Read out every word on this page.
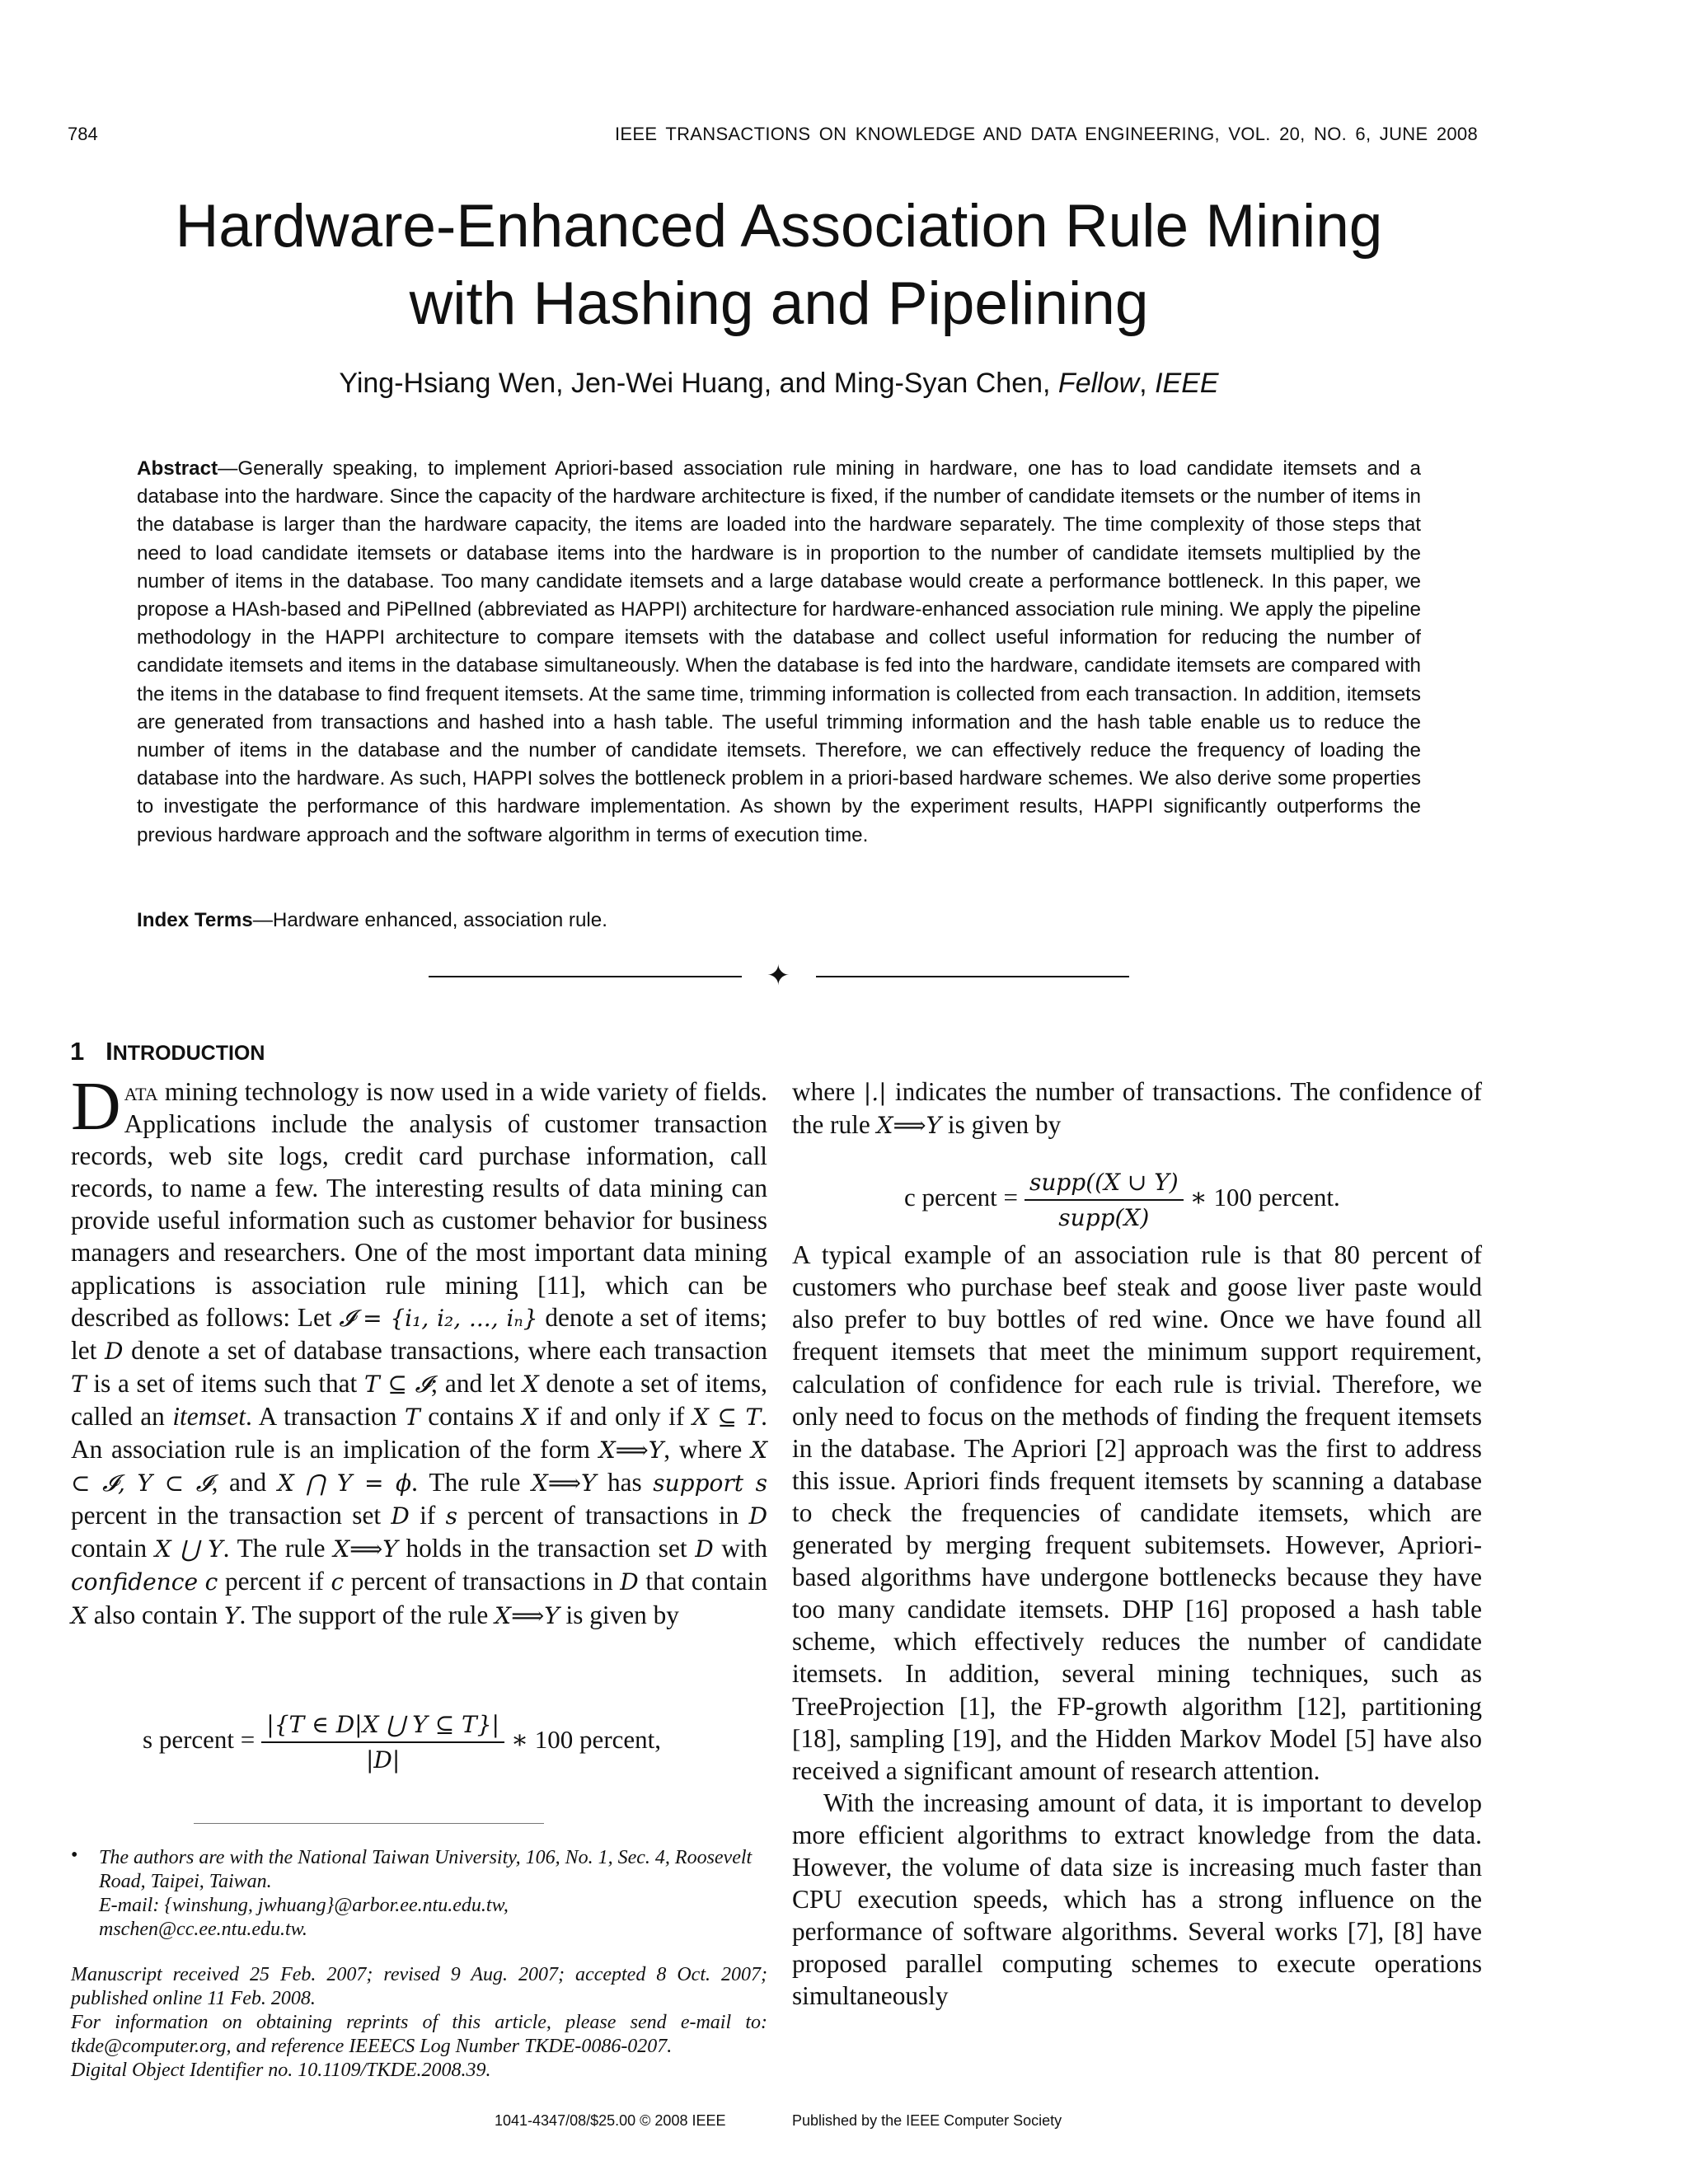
784	IEEE TRANSACTIONS ON KNOWLEDGE AND DATA ENGINEERING, VOL. 20, NO. 6, JUNE 2008
Hardware-Enhanced Association Rule Mining
with Hashing and Pipelining
Ying-Hsiang Wen, Jen-Wei Huang, and Ming-Syan Chen, Fellow, IEEE
Abstract—Generally speaking, to implement Apriori-based association rule mining in hardware, one has to load candidate itemsets and a database into the hardware. Since the capacity of the hardware architecture is fixed, if the number of candidate itemsets or the number of items in the database is larger than the hardware capacity, the items are loaded into the hardware separately. The time complexity of those steps that need to load candidate itemsets or database items into the hardware is in proportion to the number of candidate itemsets multiplied by the number of items in the database. Too many candidate itemsets and a large database would create a performance bottleneck. In this paper, we propose a HAsh-based and PiPelIned (abbreviated as HAPPI) architecture for hardware-enhanced association rule mining. We apply the pipeline methodology in the HAPPI architecture to compare itemsets with the database and collect useful information for reducing the number of candidate itemsets and items in the database simultaneously. When the database is fed into the hardware, candidate itemsets are compared with the items in the database to find frequent itemsets. At the same time, trimming information is collected from each transaction. In addition, itemsets are generated from transactions and hashed into a hash table. The useful trimming information and the hash table enable us to reduce the number of items in the database and the number of candidate itemsets. Therefore, we can effectively reduce the frequency of loading the database into the hardware. As such, HAPPI solves the bottleneck problem in a priori-based hardware schemes. We also derive some properties to investigate the performance of this hardware implementation. As shown by the experiment results, HAPPI significantly outperforms the previous hardware approach and the software algorithm in terms of execution time.
Index Terms—Hardware enhanced, association rule.
✦
1 INTRODUCTION

Data mining technology is now used in a wide variety of fields. Applications include the analysis of customer transaction records, web site logs, credit card purchase information, call records, to name a few. The interesting results of data mining can provide useful information such as customer behavior for business managers and researchers. One of the most important data mining applications is association rule mining [11], which can be described as follows: Let 𝓘 = {i₁, i₂, ..., iₙ} denote a set of items; let D denote a set of database transactions, where each transaction T is a set of items such that T ⊆ 𝓘; and let X denote a set of items, called an itemset. A transaction T contains X if and only if X ⊆ T. An association rule is an implication of the form X⟹Y, where X ⊂ 𝓘, Y ⊂ 𝓘, and X ⋂ Y = ϕ. The rule X⟹Y has support s percent in the transaction set D if s percent of transactions in D contain X ⋃ Y. The rule X⟹Y holds in the transaction set D with confidence c percent if c percent of transactions in D that contain X also contain Y. The support of the rule X⟹Y is given by

s percent = $\frac{|\{T \in D|X ⋃ Y ⊆ T\}|}{|D|}$ ∗ 100 percent,
• The authors are with the National Taiwan University, 106, No. 1, Sec. 4, Roosevelt Road, Taipei, Taiwan.
E-mail: {winshung, jwhuang}@arbor.ee.ntu.edu.tw,
mschen@cc.ee.ntu.edu.tw.
Manuscript received 25 Feb. 2007; revised 9 Aug. 2007; accepted 8 Oct. 2007; published online 11 Feb. 2008.
For information on obtaining reprints of this article, please send e-mail to: tkde@computer.org, and reference IEEECS Log Number TKDE-0086-0207.
Digital Object Identifier no. 10.1109/TKDE.2008.39.

where |.| indicates the number of transactions. The confidence of the rule X⟹Y is given by

A typical example of an association rule is that 80 percent of customers who purchase beef steak and goose liver paste would also prefer to buy bottles of red wine. Once we have found all frequent itemsets that meet the minimum support requirement, calculation of confidence for each rule is trivial. Therefore, we only need to focus on the methods of finding the frequent itemsets in the database. The Apriori [2] approach was the first to address this issue. Apriori finds frequent itemsets by scanning a database to check the frequencies of candidate itemsets, which are generated by merging frequent subitemsets. However, Apriori-based algorithms have undergone bottlenecks because they have too many candidate itemsets. DHP [16] proposed a hash table scheme, which effectively reduces the number of candidate itemsets. In addition, several mining techniques, such as TreeProjection [1], the FP-growth algorithm [12], partitioning [18], sampling [19], and the Hidden Markov Model [5] have also received a significant amount of research attention.

With the increasing amount of data, it is important to develop more efficient algorithms to extract knowledge from the data. However, the volume of data size is increasing much faster than CPU execution speeds, which has a strong influence on the performance of software algorithms. Several works [7], [8] have proposed parallel computing schemes to execute operations simultaneously

c percent = $\frac{\text{supp((X ∪ Y)}}{\text{supp(X)}}$ ∗ 100 percent.
1041-4347/08/$25.00 © 2008 IEEE	Published by the IEEE Computer Society
